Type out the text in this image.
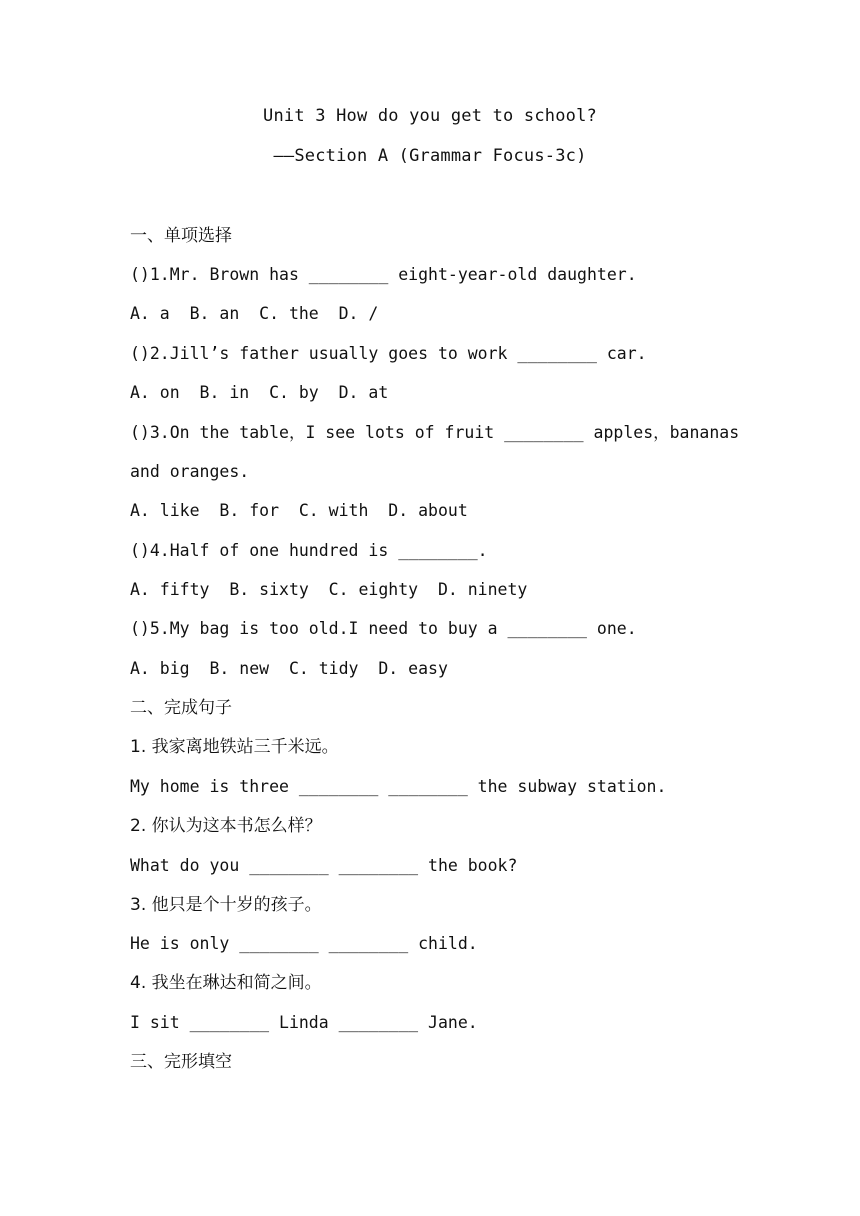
Unit 3 How do you get to school?
——Section A (Grammar Focus-3c)
一、单项选择
()1.Mr. Brown has ________ eight-year-old daughter.
A. a  B. an  C. the  D. /
()2.Jill’s father usually goes to work ________ car.
A. on  B. in  C. by  D. at
()3.On the table，I see lots of fruit ________ apples，bananas
and oranges.
A. like  B. for  C. with  D. about
()4.Half of one hundred is ________.
A. fifty  B. sixty  C. eighty  D. ninety
()5.My bag is too old.I need to buy a ________ one.
A. big  B. new  C. tidy  D. easy
二、完成句子
1. 我家离地铁站三千米远。
My home is three ________ ________ the subway station.
2. 你认为这本书怎么样？
What do you ________ ________ the book?
3. 他只是个十岁的孩子。
He is only ________ ________ child.
4. 我坐在琳达和简之间。
I sit ________ Linda ________ Jane.
三、完形填空
